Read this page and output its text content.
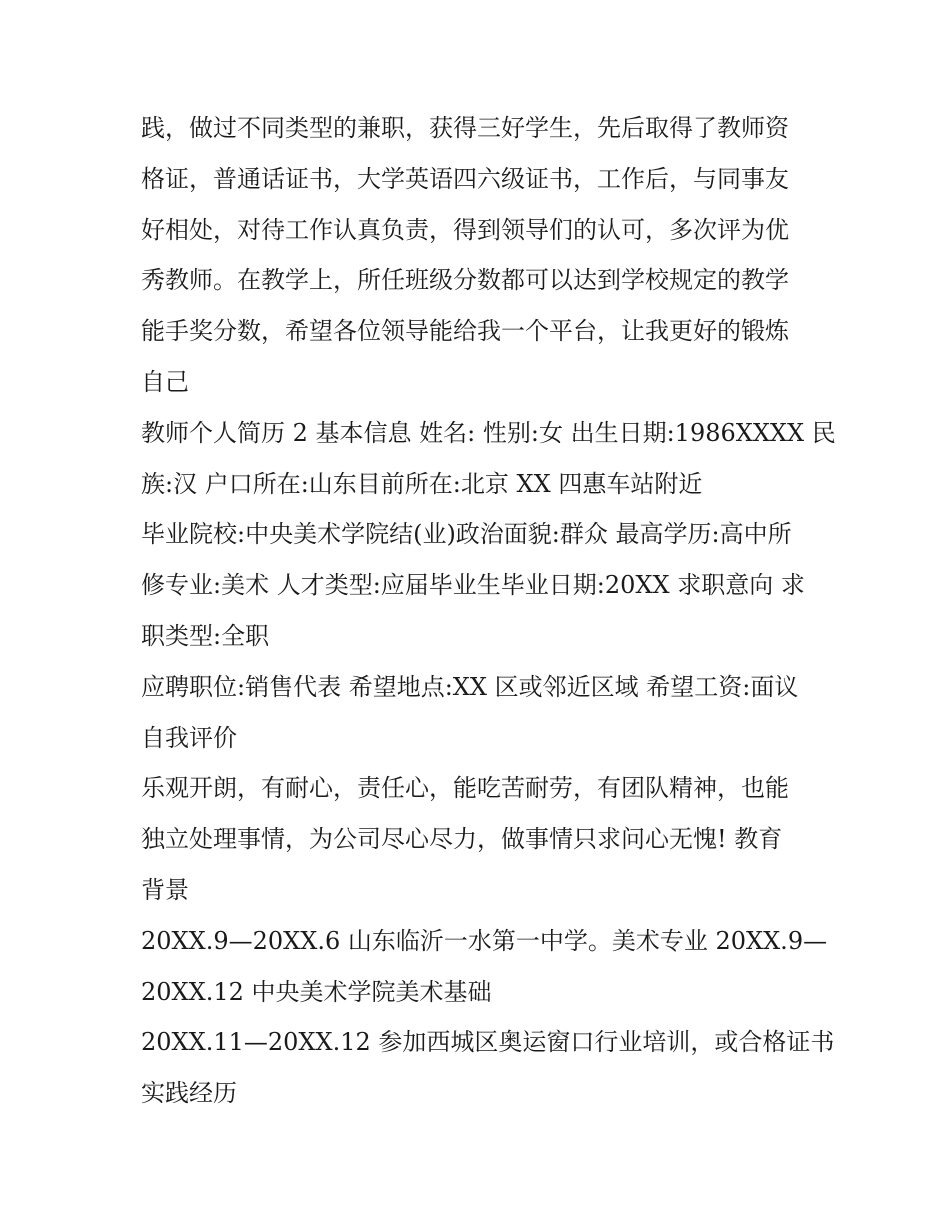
践，做过不同类型的兼职，获得三好学生，先后取得了教师资
格证，普通话证书，大学英语四六级证书，工作后，与同事友
好相处，对待工作认真负责，得到领导们的认可，多次评为优
秀教师。在教学上，所任班级分数都可以达到学校规定的教学
能手奖分数，希望各位领导能给我一个平台，让我更好的锻炼
自己
教师个人简历 2 基本信息 姓名: 性别:女 出生日期:1986XXXX 民
族:汉 户口所在:山东目前所在:北京 XX 四惠车站附近
毕业院校:中央美术学院结(业)政治面貌:群众 最高学历:高中所
修专业:美术 人才类型:应届毕业生毕业日期:20XX 求职意向 求
职类型:全职
应聘职位:销售代表 希望地点:XX 区或邻近区域 希望工资:面议
自我评价
乐观开朗，有耐心，责任心，能吃苦耐劳，有团队精神，也能
独立处理事情，为公司尽心尽力，做事情只求问心无愧! 教育
背景
20XX.9—20XX.6 山东临沂一水第一中学。美术专业 20XX.9—
20XX.12 中央美术学院美术基础
20XX.11—20XX.12 参加西城区奥运窗口行业培训，或合格证书
实践经历
